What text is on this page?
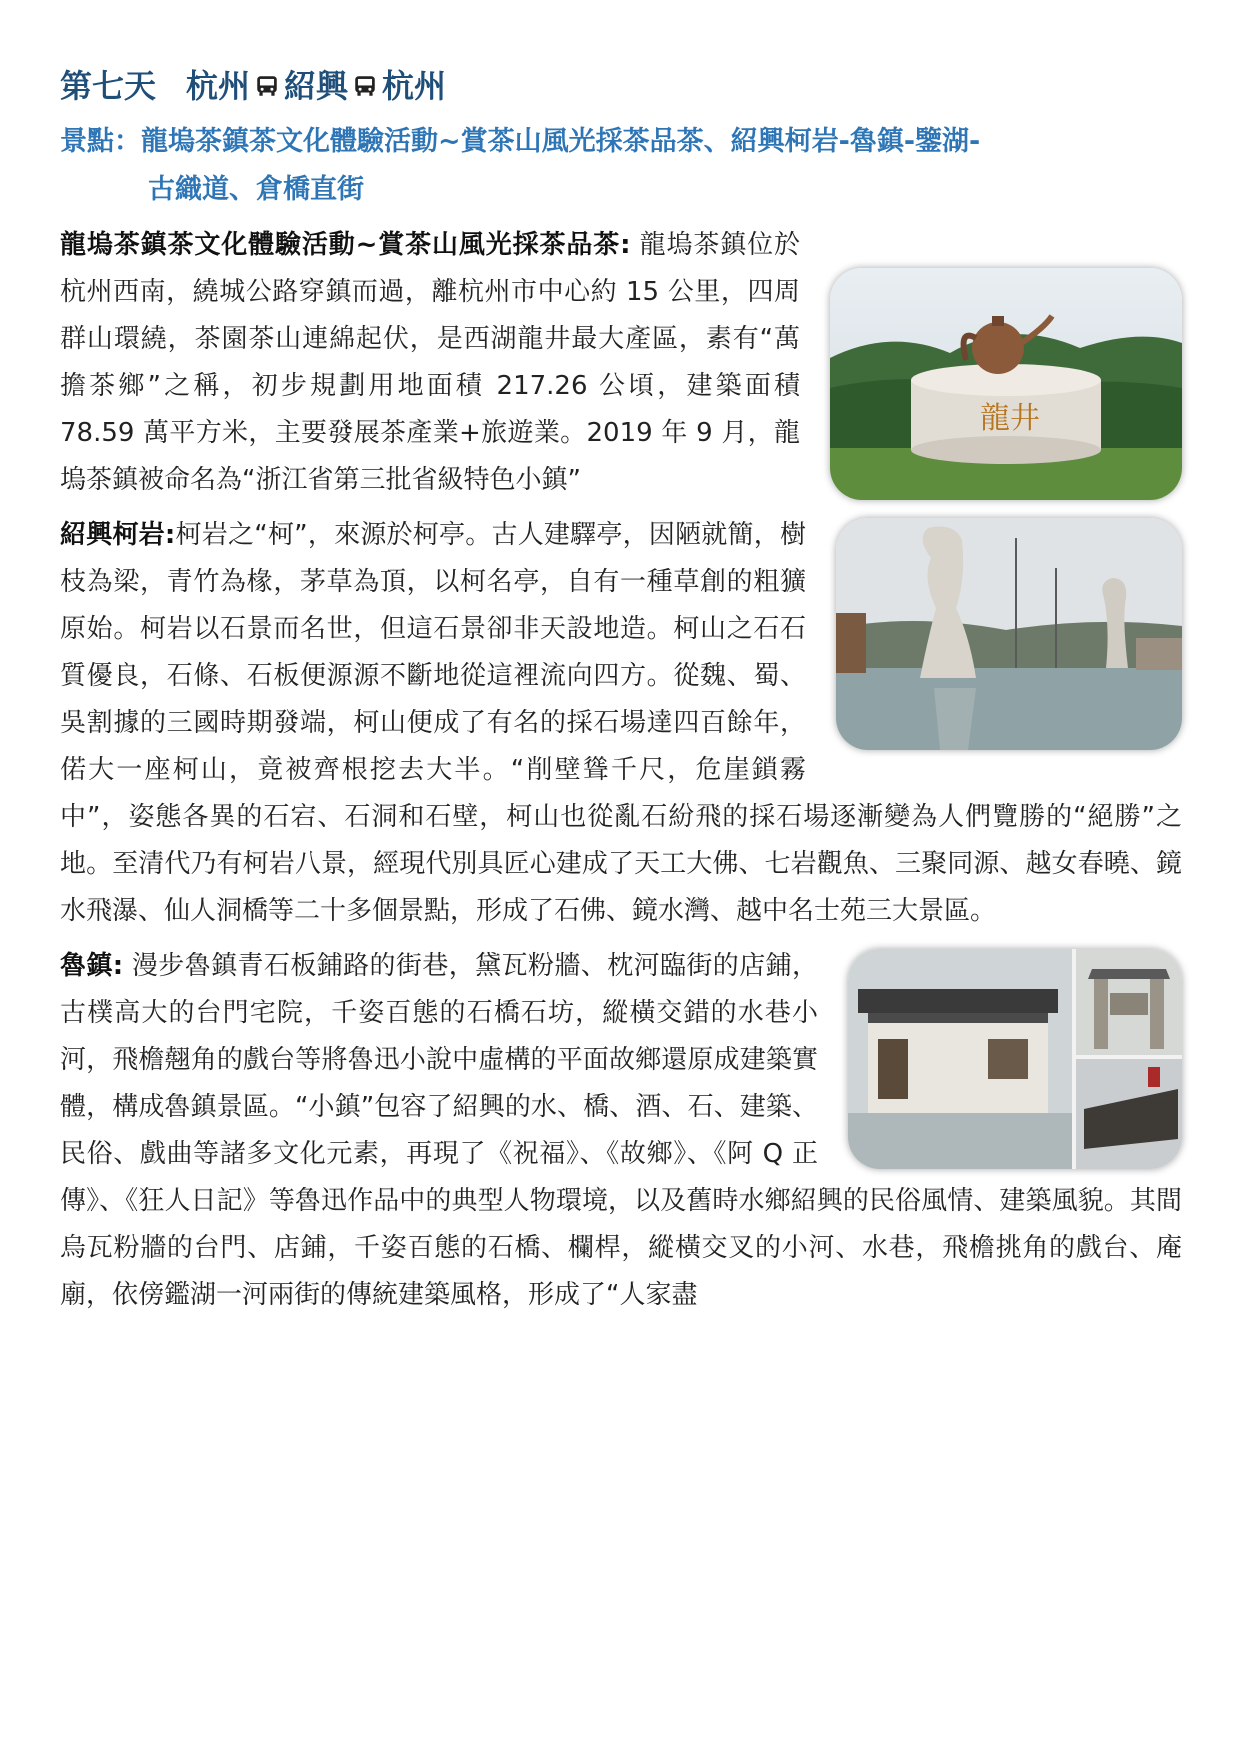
第七天 杭州 紹興 杭州
景點：龍塢茶鎮茶文化體驗活動~賞茶山風光採茶品茶、紹興柯岩-魯鎮-鑒湖-
古織道、倉橋直街
龍井
龍塢茶鎮茶文化體驗活動~賞茶山風光採茶品茶: 龍塢茶鎮位於杭州西南，繞城公路穿鎮而過，離杭州市中心約 15 公里，四周群山環繞，茶園茶山連綿起伏，是西湖龍井最大產區，素有“萬擔茶鄉”之稱，初步規劃用地面積 217.26 公頃，建築面積 78.59 萬平方米，主要發展茶產業+旅遊業。2019 年 9 月，龍塢茶鎮被命名為“浙江省第三批省級特色小鎮”
紹興柯岩:柯岩之“柯”，來源於柯亭。古人建驛亭，因陋就簡，樹枝為梁，青竹為椽，茅草為頂，以柯名亭，自有一種草創的粗獷原始。柯岩以石景而名世，但這石景卻非天設地造。柯山之石石質優良，石條、石板便源源不斷地從這裡流向四方。從魏、蜀、吳割據的三國時期發端，柯山便成了有名的採石場達四百餘年，偌大一座柯山，竟被齊根挖去大半。“削壁聳千尺，危崖鎖霧中”，姿態各異的石宕、石洞和石壁，柯山也從亂石紛飛的採石場逐漸變為人們覽勝的“絕勝”之地。至清代乃有柯岩八景，經現代別具匠心建成了天工大佛、七岩觀魚、三聚同源、越女春曉、鏡水飛瀑、仙人洞橋等二十多個景點，形成了石佛、鏡水灣、越中名士苑三大景區。
魯鎮: 漫步魯鎮青石板鋪路的街巷，黛瓦粉牆、枕河臨街的店鋪，古樸高大的台門宅院，千姿百態的石橋石坊，縱橫交錯的水巷小河，飛檐翹角的戲台等將魯迅小說中虛構的平面故鄉還原成建築實體，構成魯鎮景區。“小鎮”包容了紹興的水、橋、酒、石、建築、民俗、戲曲等諸多文化元素，再現了《祝福》、《故鄉》、《阿 Q 正傳》、《狂人日記》等魯迅作品中的典型人物環境，以及舊時水鄉紹興的民俗風情、建築風貌。其間烏瓦粉牆的台門、店鋪，千姿百態的石橋、欄桿，縱橫交叉的小河、水巷，飛檐挑角的戲台、庵廟，依傍鑑湖一河兩街的傳統建築風格，形成了“人家盡
